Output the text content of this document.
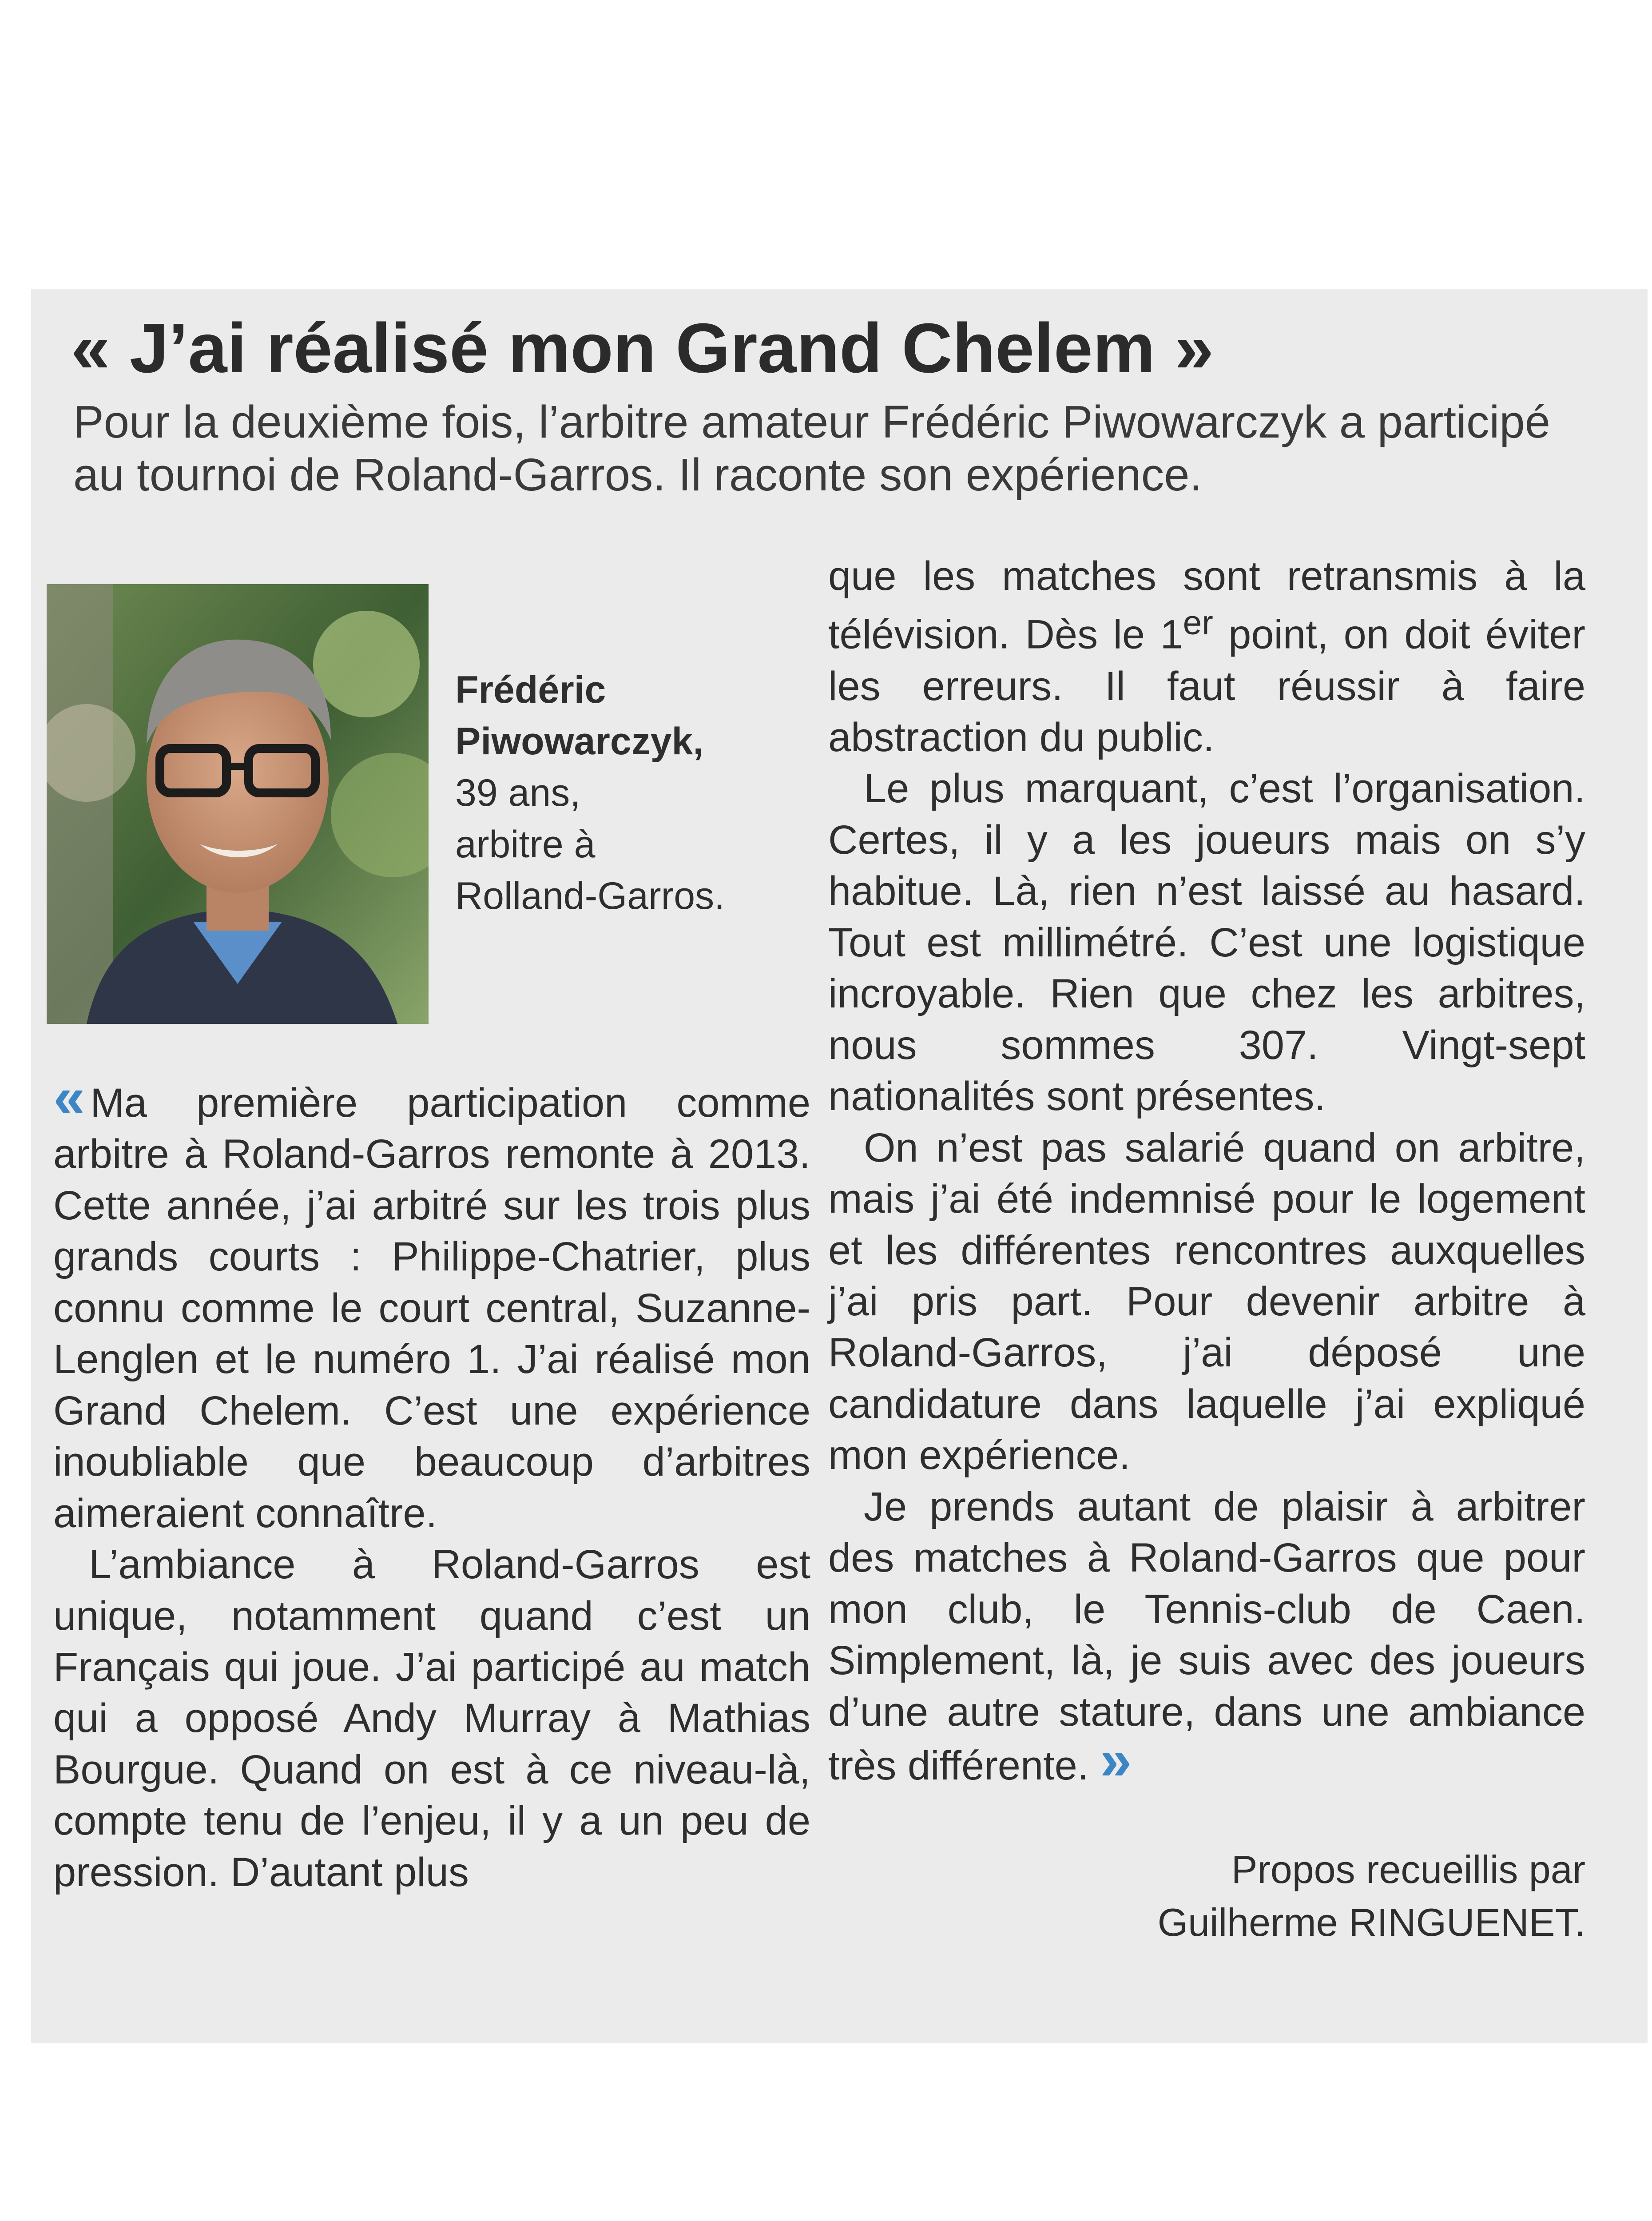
« J’ai réalisé mon Grand Chelem »

Pour la deuxième fois, l’arbitre amateur Frédéric Piwowarczyk a participé au tournoi de Roland-Garros. Il raconte son expérience.

Frédéric Piwowarczyk,
39 ans,
arbitre à
Rolland-Garros.

« Ma première participation comme arbitre à Roland-Garros remonte à 2013. Cette année, j’ai arbitré sur les trois plus grands courts : Philippe-Chatrier, plus connu comme le court central, Suzanne-Lenglen et le numéro 1. J’ai réalisé mon Grand Chelem. C’est une expérience inoubliable que beaucoup d’arbitres aimeraient connaître.

L’ambiance à Roland-Garros est unique, notamment quand c’est un Français qui joue. J’ai participé au match qui a opposé Andy Murray à Mathias Bourgue. Quand on est à ce niveau-là, compte tenu de l’enjeu, il y a un peu de pression. D’autant plus

que les matches sont retransmis à la télévision. Dès le 1er point, on doit éviter les erreurs. Il faut réussir à faire abstraction du public.

Le plus marquant, c’est l’organisation. Certes, il y a les joueurs mais on s’y habitue. Là, rien n’est laissé au hasard. Tout est millimétré. C’est une logistique incroyable. Rien que chez les arbitres, nous sommes 307. Vingt-sept nationalités sont présentes.

On n’est pas salarié quand on arbitre, mais j’ai été indemnisé pour le logement et les différentes rencontres auxquelles j’ai pris part. Pour devenir arbitre à Roland-Garros, j’ai déposé une candidature dans laquelle j’ai expliqué mon expérience.

Je prends autant de plaisir à arbitrer des matches à Roland-Garros que pour mon club, le Tennis-club de Caen. Simplement, là, je suis avec des joueurs d’une autre stature, dans une ambiance très différente. »

Propos recueillis par
Guilherme RINGUENET.
